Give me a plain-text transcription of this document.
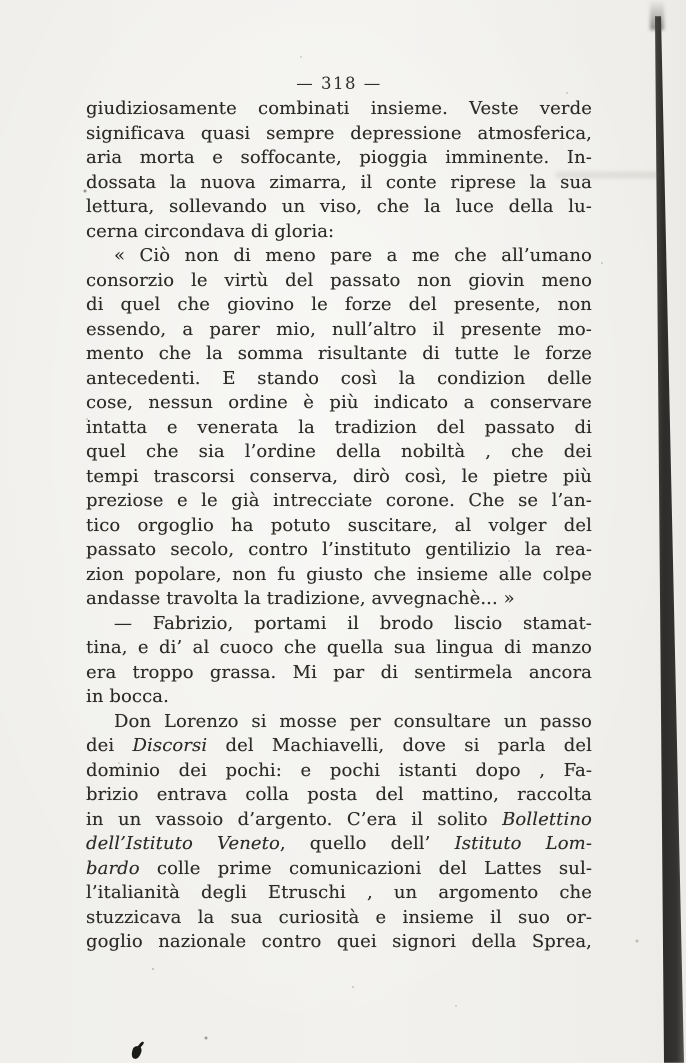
— 318 —
giudiziosamente combinati insieme. Veste verde
significava quasi sempre depressione atmosferica,
aria morta e soffocante, pioggia imminente. In-
dossata la nuova zimarra, il conte riprese la sua
lettura, sollevando un viso, che la luce della lu-
cerna circondava di gloria:
« Ciò non di meno pare a me che all’umano
consorzio le virtù del passato non giovin meno
di quel che giovino le forze del presente, non
essendo, a parer mio, null’altro il presente mo-
mento che la somma risultante di tutte le forze
antecedenti. E stando così la condizion delle
cose, nessun ordine è più indicato a conservare
intatta e venerata la tradizion del passato di
quel che sia l’ordine della nobiltà , che dei
tempi trascorsi conserva, dirò così, le pietre più
preziose e le già intrecciate corone. Che se l’an-
tico orgoglio ha potuto suscitare, al volger del
passato secolo, contro l’instituto gentilizio la rea-
zion popolare, non fu giusto che insieme alle colpe
andasse travolta la tradizione, avvegnachè... »
— Fabrizio, portami il brodo liscio stamat-
tina, e di’ al cuoco che quella sua lingua di manzo
era troppo grassa. Mi par di sentirmela ancora
in bocca.
Don Lorenzo si mosse per consultare un passo
dei Discorsi del Machiavelli, dove si parla del
dominio dei pochi: e pochi istanti dopo , Fa-
brizio entrava colla posta del mattino, raccolta
in un vassoio d’argento. C’era il solito Bollettino
dell’Istituto Veneto, quello dell’ Istituto Lom-
bardo colle prime comunicazioni del Lattes sul-
l’italianità degli Etruschi , un argomento che
stuzzicava la sua curiosità e insieme il suo or-
goglio nazionale contro quei signori della Sprea,
